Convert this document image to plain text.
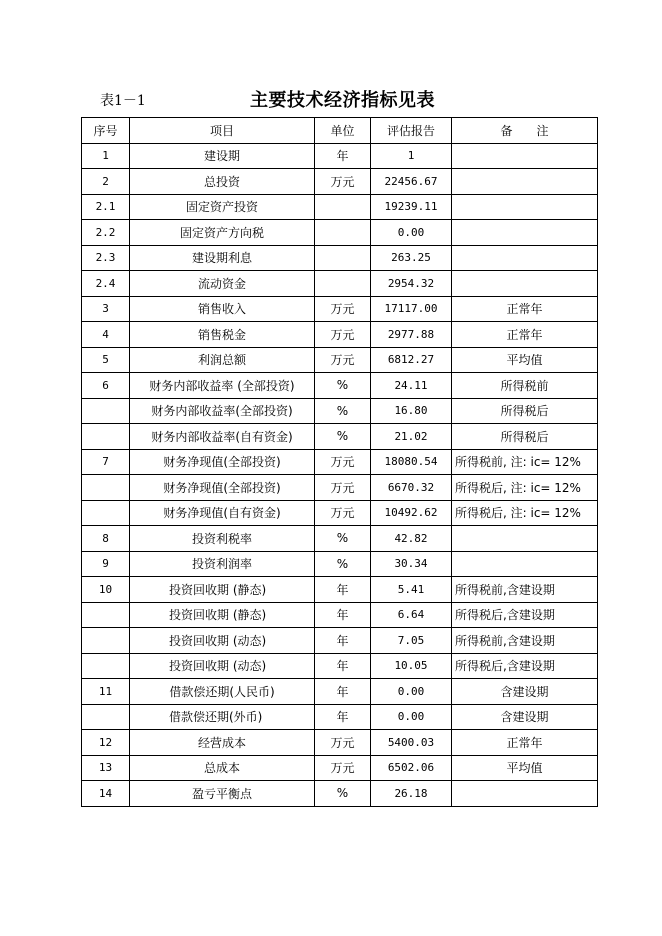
表1－1	主要技术经济指标见表
序号	项目	单位	评估报告	备　　注
1	建设期	年	1	
2	总投资	万元	22456.67	
2.1	固定资产投资		19239.11	
2.2	固定资产方向税		0.00	
2.3	建设期利息		263.25	
2.4	流动资金		2954.32	
3	销售收入	万元	17117.00	正常年
4	销售税金	万元	2977.88	正常年
5	利润总额	万元	6812.27	平均值
6	财务内部收益率 (全部投资)	%	24.11	所得税前
	财务内部收益率(全部投资)	%	16.80	所得税后
	财务内部收益率(自有资金)	%	21.02	所得税后
7	财务净现值(全部投资)	万元	18080.54	所得税前, 注: ic= 12%
	财务净现值(全部投资)	万元	6670.32	所得税后, 注: ic= 12%
	财务净现值(自有资金)	万元	10492.62	所得税后, 注: ic= 12%
8	投资利税率	%	42.82	
9	投资利润率	%	30.34	
10	投资回收期 (静态)	年	5.41	所得税前,含建设期
	投资回收期 (静态)	年	6.64	所得税后,含建设期
	投资回收期 (动态)	年	7.05	所得税前,含建设期
	投资回收期 (动态)	年	10.05	所得税后,含建设期
11	借款偿还期(人民币)	年	0.00	含建设期
	借款偿还期(外币)	年	0.00	含建设期
12	经营成本	万元	5400.03	正常年
13	总成本	万元	6502.06	平均值
14	盈亏平衡点	%	26.18	
